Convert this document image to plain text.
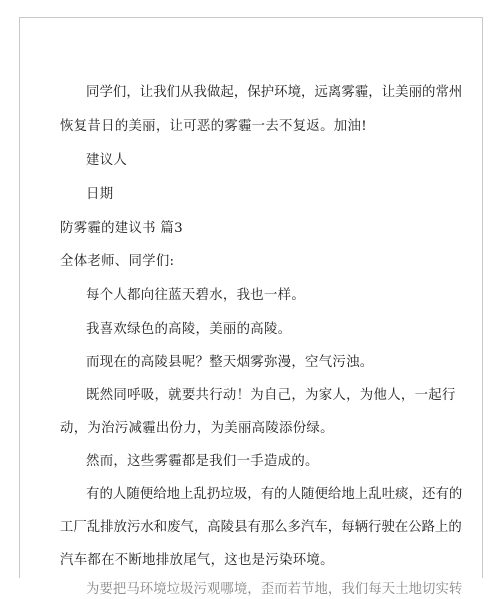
同学们，让我们从我做起，保护环境，远离雾霾，让美丽的常州
恢复昔日的美丽，让可恶的雾霾一去不复返。加油!
建议人
日期
防雾霾的建议书 篇3
全体老师、同学们:
每个人都向往蓝天碧水，我也一样。
我喜欢绿色的高陵，美丽的高陵。
而现在的高陵县呢？整天烟雾弥漫，空气污浊。
既然同呼吸，就要共行动！为自己，为家人，为他人，一起行
动，为治污减霾出份力，为美丽高陵添份绿。
然而，这些雾霾都是我们一手造成的。
有的人随便给地上乱扔垃圾，有的人随便给地上乱吐痰，还有的
工厂乱排放污水和废气，高陵县有那么多汽车，每辆行驶在公路上的
汽车都在不断地排放尾气，这也是污染环境。
为要把马环境垃圾污观哪境，歪而若节地，我们每天土地切实转
